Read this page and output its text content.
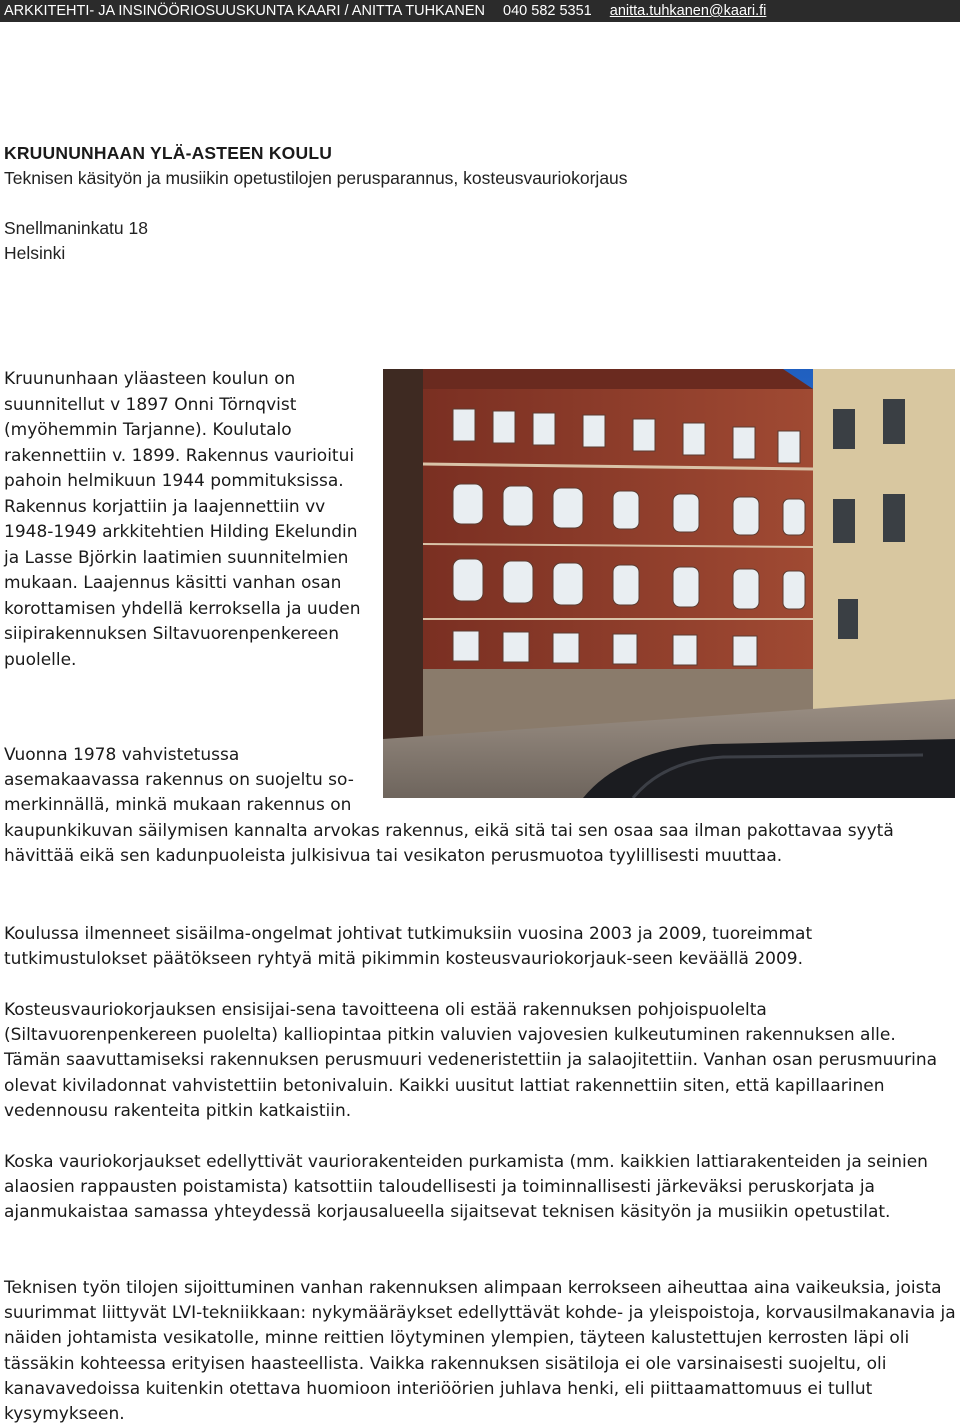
ARKKITEHTI- JA INSINÖÖRIOSUUSKUNTA KAARI / ANITTA TUHKANEN 040 582 5351 anitta.tuhkanen@kaari.fi
KRUUNUNHAAN YLÄ-ASTEEN KOULU

Teknisen käsityön ja musiikin opetustilojen perusparannus, kosteusvauriokorjaus

Snellmaninkatu 18
Helsinki

Kruununhaan yläasteen koulun on suunnitellut v 1897 Onni Törnqvist (myöhemmin Tarjanne). Koulutalo rakennettiin v. 1899. Rakennus vaurioitui pahoin helmikuun 1944 pommituksissa. Rakennus korjattiin ja laajennettiin vv 1948-1949 arkkitehtien Hilding Ekelundin ja Lasse Björkin laatimien suunnitelmien mukaan. Laajennus käsitti vanhan osan korottamisen yhdellä kerroksella ja uuden siipirakennuksen Siltavuorenpenkereen puolelle.

Vuonna 1978 vahvistetussa asemakaavassa rakennus on suojeltu so-merkinnällä, minkä mukaan rakennus on kaupunkikuvan säilymisen kannalta arvokas rakennus, eikä sitä tai sen osaa saa ilman pakottavaa syytä hävittää eikä sen kadunpuoleista julkisivua tai vesikaton perusmuotoa tyylillisesti muuttaa.

Koulussa ilmenneet sisäilma-ongelmat johtivat tutkimuksiin vuosina 2003 ja 2009, tuoreimmat tutkimustulokset päätökseen ryhtyä mitä pikimmin kosteusvauriokorjauk-seen keväällä 2009.

Kosteusvauriokorjauksen ensisijai-sena tavoitteena oli estää rakennuksen pohjoispuolelta (Siltavuorenpenkereen puolelta) kalliopintaa pitkin valuvien vajovesien kulkeutuminen rakennuksen alle. Tämän saavuttamiseksi rakennuksen perusmuuri vedeneristettiin ja salaojitettiin. Vanhan osan perusmuurina olevat kiviladonnat vahvistettiin betonivaluin. Kaikki uusitut lattiat rakennettiin siten, että kapillaarinen vedennousu rakenteita pitkin katkaistiin.

Koska vauriokorjaukset edellyttivät vauriorakenteiden purkamista (mm. kaikkien lattiarakenteiden ja seinien alaosien rappausten poistamista) katsottiin taloudellisesti ja toiminnallisesti järkeväksi peruskorjata ja ajanmukaistaa samassa yhteydessä korjausalueella sijaitsevat teknisen käsityön ja musiikin opetustilat.

Teknisen työn tilojen sijoittuminen vanhan rakennuksen alimpaan kerrokseen aiheuttaa aina vaikeuksia, joista suurimmat liittyvät LVI-tekniikkaan: nykymääräykset edellyttävät kohde- ja yleispoistoja, korvausilmakanavia ja näiden johtamista vesikatolle, minne reittien löytyminen ylempien, täyteen kalustettujen kerrosten läpi oli tässäkin kohteessa erityisen haasteellista. Vaikka rakennuksen sisätiloja ei ole varsinaisesti suojeltu, oli kanavavedoissa kuitenkin otettava huomioon interiöörien juhlava henki, eli piittaamattomuus ei tullut kysymykseen.
